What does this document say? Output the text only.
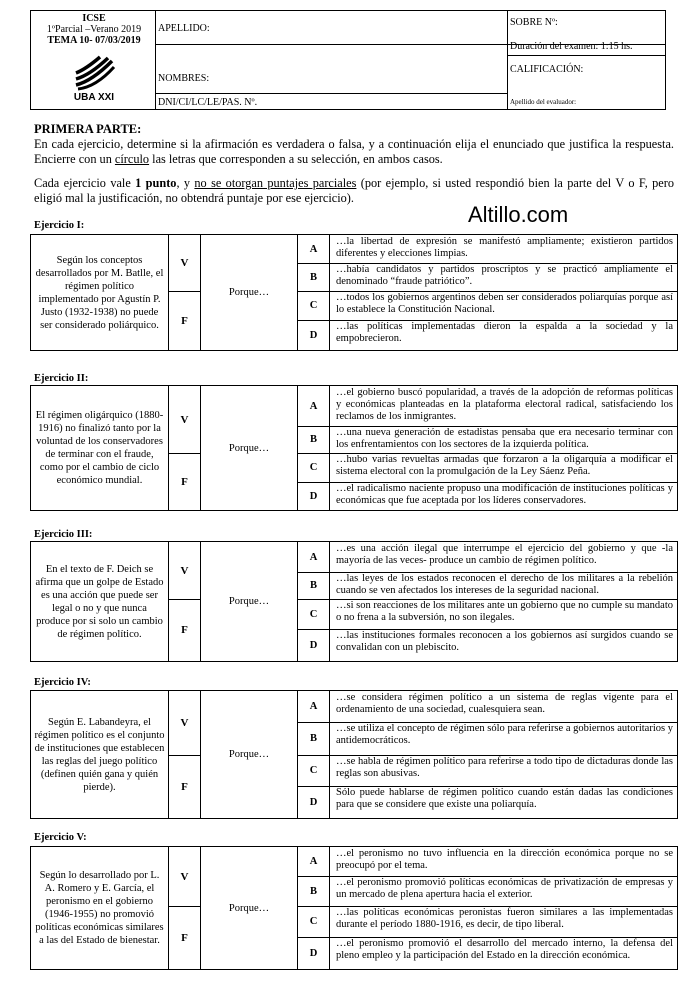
ICSE
1ºParcial –Verano 2019
TEMA 10- 07/03/2019
UBA XXI
APELLIDO:
NOMBRES:
DNI/CI/LC/LE/PAS. Nº.
SOBRE Nº:
Duración del examen: 1:15 hs.
CALIFICACIÓN:
Apellido del evaluador:
PRIMERA PARTE:
En cada ejercicio, determine si la afirmación es verdadera o falsa, y a continuación elija el enunciado que justifica la respuesta. Encierre con un círculo las letras que corresponden a su selección, en ambos casos.
Cada ejercicio vale 1 punto, y no se otorgan puntajes parciales (por ejemplo, si usted respondió bien la parte del V o F, pero eligió mal la justificación, no obtendrá puntaje por ese ejercicio).
Altillo.com
Ejercicio I:
Según los conceptos desarrollados por M. Batlle, el régimen político implementado por Agustín P. Justo (1932-1938) no puede ser considerado poliárquico.
V
F
Porque…
A
…la libertad de expresión se manifestó ampliamente; existieron partidos diferentes y elecciones limpias.
B
…había candidatos y partidos proscriptos y se practicó ampliamente el denominado “fraude patriótico”.
C
…todos los gobiernos argentinos deben ser considerados poliarquías porque así lo establece la Constitución Nacional.
D
…las políticas implementadas dieron la espalda a la sociedad y la empobrecieron.
Ejercicio II:
El régimen oligárquico (1880-1916) no finalizó tanto por la voluntad de los conservadores de terminar con el fraude, como por el cambio de ciclo económico mundial.
V
F
Porque…
A
…el gobierno buscó popularidad, a través de la adopción de reformas políticas y económicas planteadas en la plataforma electoral radical, satisfaciendo los reclamos de los inmigrantes.
B
…una nueva generación de estadistas pensaba que era necesario terminar con los enfrentamientos con los sectores de la izquierda política.
C
…hubo varias revueltas armadas que forzaron a la oligarquía a modificar el sistema electoral con la promulgación de la Ley Sáenz Peña.
D
…el radicalismo naciente propuso una modificación de instituciones políticas y económicas que fue aceptada por los líderes conservadores.
Ejercicio III:
En el texto de F. Deich se afirma que un golpe de Estado es una acción que puede ser legal o no y que nunca produce por si solo un cambio de régimen político.
V
F
Porque…
A
…es una acción ilegal que interrumpe el ejercicio del gobierno y que -la mayoría de las veces- produce un cambio de régimen político.
B
…las leyes de los estados reconocen el derecho de los militares a la rebelión cuando se ven afectados los intereses de la seguridad nacional.
C
…si son reacciones de los militares ante un gobierno que no cumple su mandato o no frena a la subversión, no son ilegales.
D
…las instituciones formales reconocen a los gobiernos así surgidos cuando se convalidan con un plebiscito.
Ejercicio IV:
Según E. Labandeyra, el régimen político es el conjunto de instituciones que establecen las reglas del juego político (definen quién gana y quién pierde).
V
F
Porque…
A
…se considera régimen político a un sistema de reglas vigente para el ordenamiento de una sociedad, cualesquiera sean.
B
…se utiliza el concepto de régimen sólo para referirse a gobiernos autoritarios y antidemocráticos.
C
…se habla de régimen político para referirse a todo tipo de dictaduras donde las reglas son abusivas.
D
Sólo puede hablarse de régimen político cuando están dadas las condiciones para que se considere que existe una poliarquía.
Ejercicio V:
Según lo desarrollado por L. A. Romero y E. García, el peronismo en el gobierno (1946-1955) no promovió políticas económicas similares a las del Estado de bienestar.
V
F
Porque…
A
…el peronismo no tuvo influencia en la dirección económica porque no se preocupó por el tema.
B
…el peronismo promovió políticas económicas de privatización de empresas y un mercado de plena apertura hacia el exterior.
C
…las políticas económicas peronistas fueron similares a las implementadas durante el período 1880-1916, es decir, de tipo liberal.
D
…el peronismo promovió el desarrollo del mercado interno, la defensa del pleno empleo y la participación del Estado en la dirección económica.
